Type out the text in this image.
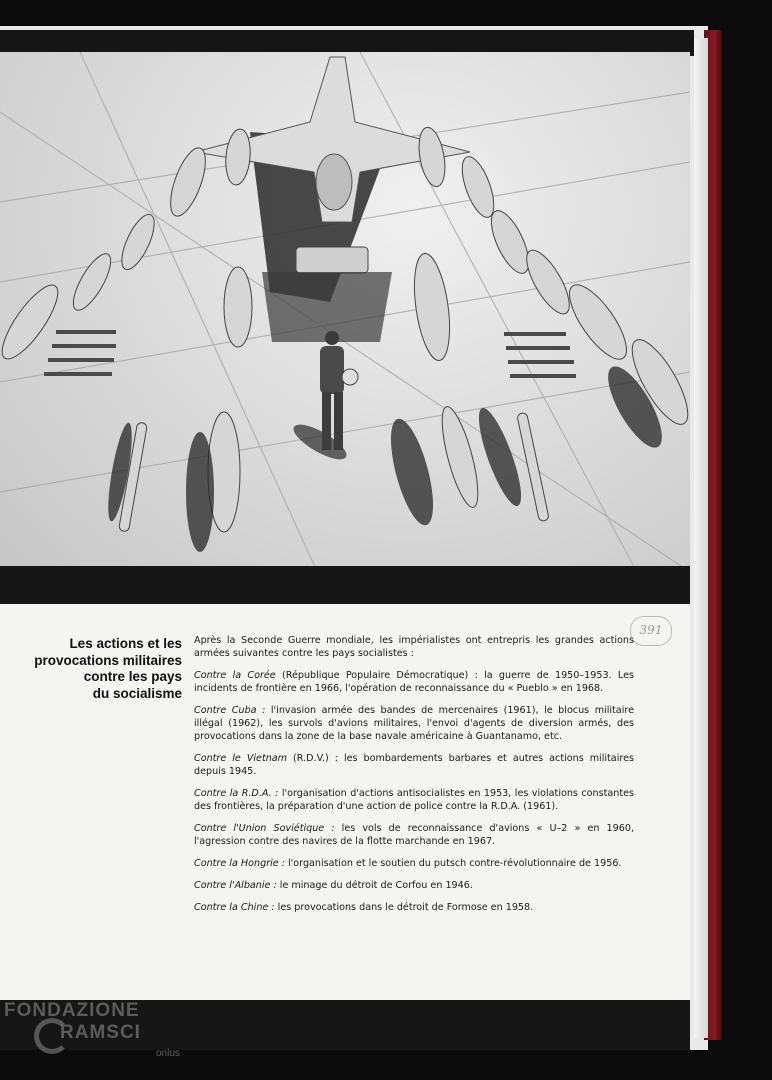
Les actions et les
provocations militaires
contre les pays
du socialisme
391

Après la Seconde Guerre mondiale, les impérialistes ont entrepris les grandes actions armées suivantes contre les pays socialistes :

Contre la Corée (République Populaire Démocratique) : la guerre de 1950–1953. Les incidents de frontière en 1966, l'opération de reconnaissance du « Pueblo » en 1968.

Contre Cuba : l'invasion armée des bandes de mercenaires (1961), le blocus militaire illégal (1962), les survols d'avions militaires, l'envoi d'agents de diversion armés, des provocations dans la zone de la base navale américaine à Guantanamo, etc.

Contre le Vietnam (R.D.V.) : les bombardements barbares et autres actions militaires depuis 1945.

Contre la R.D.A. : l'organisation d'actions antisocialistes en 1953, les violations constantes des frontières, la préparation d'une action de police contre la R.D.A. (1961).

Contre l'Union Soviétique : les vols de reconnaissance d'avions « U–2 » en 1960, l'agression contre des navires de la flotte marchande en 1967.

Contre la Hongrie : l'organisation et le soutien du putsch contre-révolutionnaire de 1956.

Contre l'Albanie : le minage du détroit de Corfou en 1946.

Contre la Chine : les provocations dans le détroit de Formose en 1958.

FONDAZIONE
RAMSCI
onlus
